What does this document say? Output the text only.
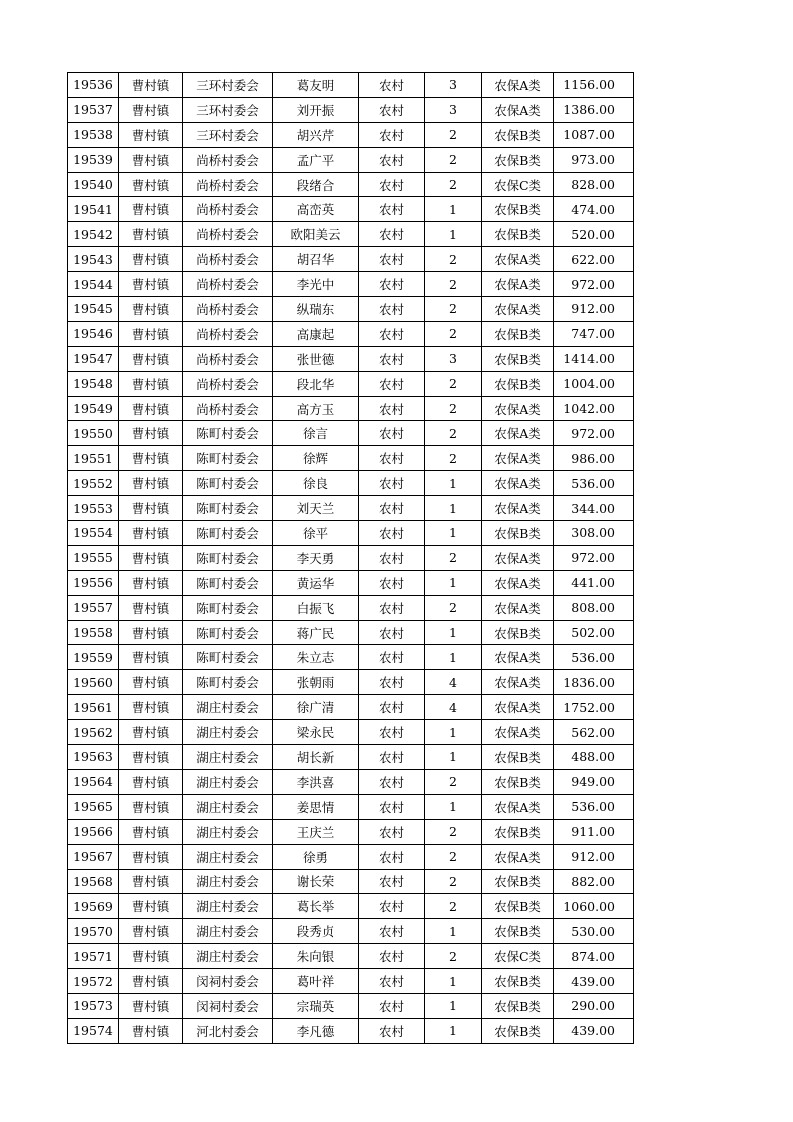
19536	曹村镇	三环村委会	葛友明	农村	3	农保A类	1156.00
19537	曹村镇	三环村委会	刘开振	农村	3	农保A类	1386.00
19538	曹村镇	三环村委会	胡兴芹	农村	2	农保B类	1087.00
19539	曹村镇	尚桥村委会	孟广平	农村	2	农保B类	973.00
19540	曹村镇	尚桥村委会	段绪合	农村	2	农保C类	828.00
19541	曹村镇	尚桥村委会	高峦英	农村	1	农保B类	474.00
19542	曹村镇	尚桥村委会	欧阳美云	农村	1	农保B类	520.00
19543	曹村镇	尚桥村委会	胡召华	农村	2	农保A类	622.00
19544	曹村镇	尚桥村委会	李光中	农村	2	农保A类	972.00
19545	曹村镇	尚桥村委会	纵瑞东	农村	2	农保A类	912.00
19546	曹村镇	尚桥村委会	高康起	农村	2	农保B类	747.00
19547	曹村镇	尚桥村委会	张世德	农村	3	农保B类	1414.00
19548	曹村镇	尚桥村委会	段北华	农村	2	农保B类	1004.00
19549	曹村镇	尚桥村委会	高方玉	农村	2	农保A类	1042.00
19550	曹村镇	陈町村委会	徐言	农村	2	农保A类	972.00
19551	曹村镇	陈町村委会	徐辉	农村	2	农保A类	986.00
19552	曹村镇	陈町村委会	徐良	农村	1	农保A类	536.00
19553	曹村镇	陈町村委会	刘天兰	农村	1	农保A类	344.00
19554	曹村镇	陈町村委会	徐平	农村	1	农保B类	308.00
19555	曹村镇	陈町村委会	李天勇	农村	2	农保A类	972.00
19556	曹村镇	陈町村委会	黄运华	农村	1	农保A类	441.00
19557	曹村镇	陈町村委会	白振飞	农村	2	农保A类	808.00
19558	曹村镇	陈町村委会	蒋广民	农村	1	农保B类	502.00
19559	曹村镇	陈町村委会	朱立志	农村	1	农保A类	536.00
19560	曹村镇	陈町村委会	张朝雨	农村	4	农保A类	1836.00
19561	曹村镇	湖庄村委会	徐广清	农村	4	农保A类	1752.00
19562	曹村镇	湖庄村委会	梁永民	农村	1	农保A类	562.00
19563	曹村镇	湖庄村委会	胡长新	农村	1	农保B类	488.00
19564	曹村镇	湖庄村委会	李洪喜	农村	2	农保B类	949.00
19565	曹村镇	湖庄村委会	姜思情	农村	1	农保A类	536.00
19566	曹村镇	湖庄村委会	王庆兰	农村	2	农保B类	911.00
19567	曹村镇	湖庄村委会	徐勇	农村	2	农保A类	912.00
19568	曹村镇	湖庄村委会	谢长荣	农村	2	农保B类	882.00
19569	曹村镇	湖庄村委会	葛长举	农村	2	农保B类	1060.00
19570	曹村镇	湖庄村委会	段秀贞	农村	1	农保B类	530.00
19571	曹村镇	湖庄村委会	朱向银	农村	2	农保C类	874.00
19572	曹村镇	闵祠村委会	葛叶祥	农村	1	农保B类	439.00
19573	曹村镇	闵祠村委会	宗瑞英	农村	1	农保B类	290.00
19574	曹村镇	河北村委会	李凡德	农村	1	农保B类	439.00
